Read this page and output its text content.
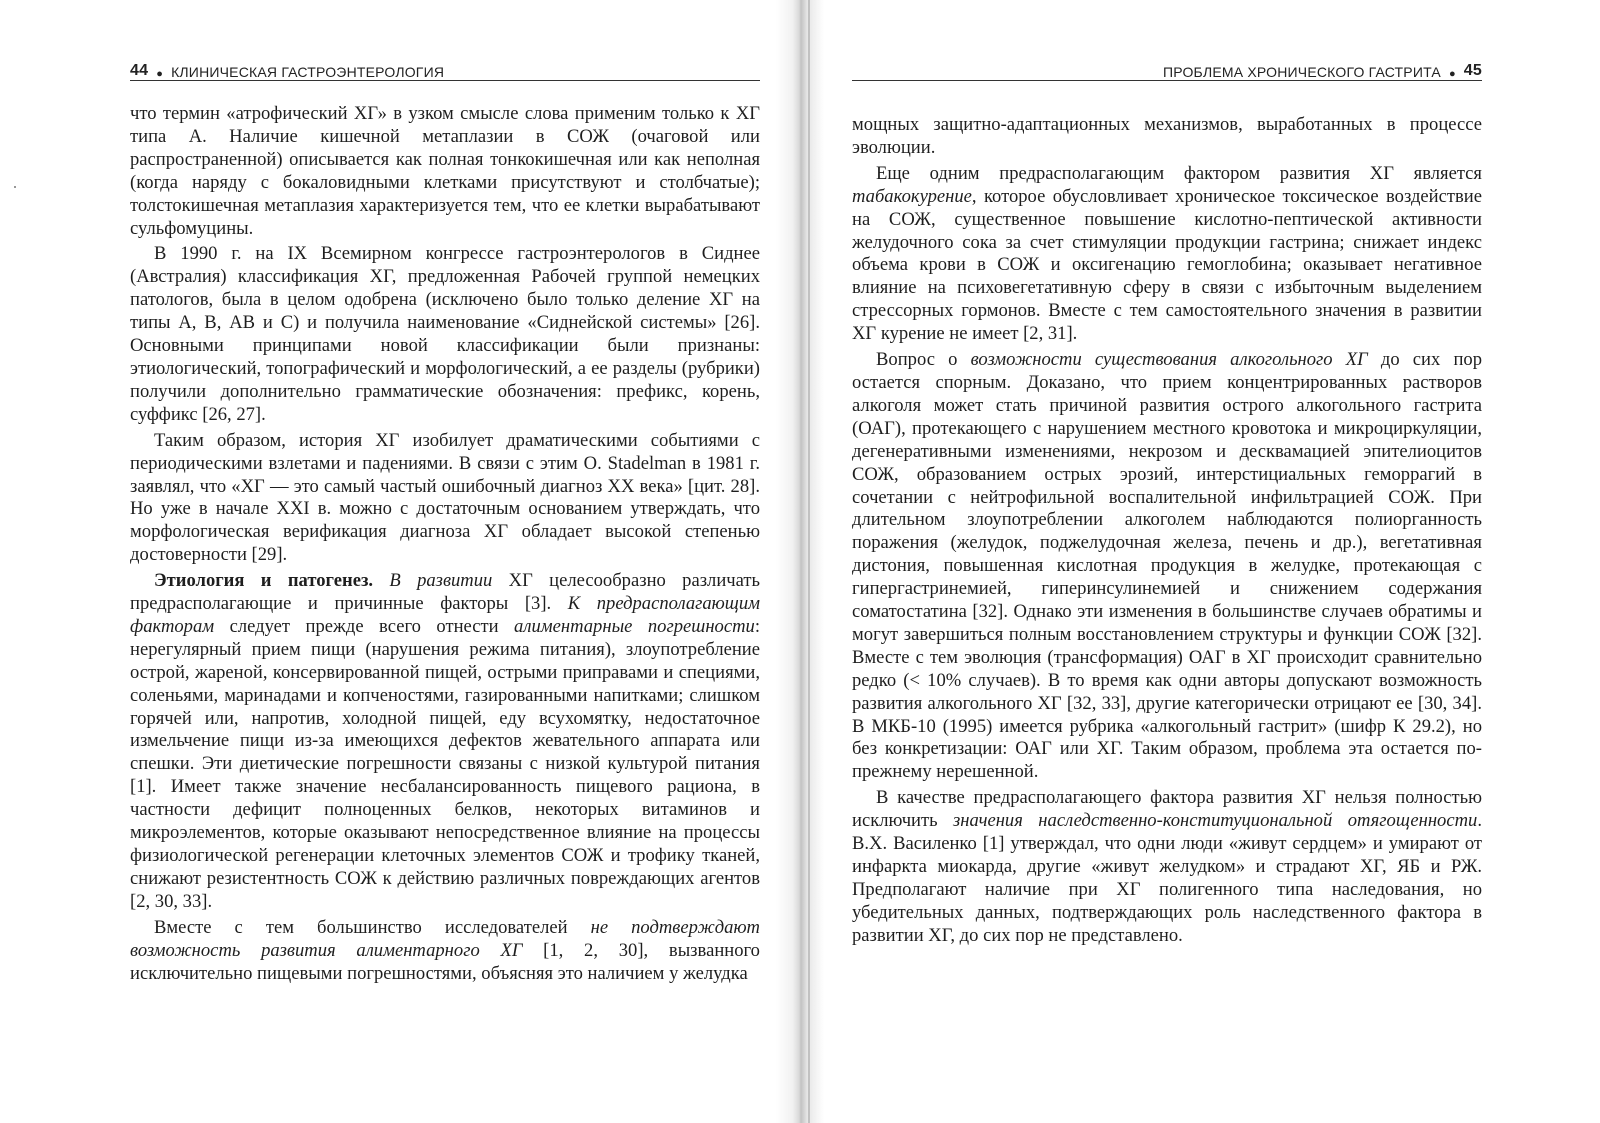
44 ● КЛИНИЧЕСКАЯ ГАСТРОЭНТЕРОЛОГИЯ

что термин «атрофический ХГ» в узком смысле слова применим только к ХГ типа А. Наличие кишечной метаплазии в СОЖ (очаговой или распространенной) описывается как полная тонкокишечная или как неполная (когда наряду с бокаловидными клетками присутствуют и столбчатые); толстокишечная метаплазия характеризуется тем, что ее клетки вырабатывают сульфомуцины.

В 1990 г. на IX Всемирном конгрессе гастроэнтерологов в Сиднее (Австралия) классификация ХГ, предложенная Рабочей группой немецких патологов, была в целом одобрена (исключено было только деление ХГ на типы А, В, АВ и С) и получила наименование «Сиднейской системы» [26]. Основными принципами новой классификации были признаны: этиологический, топографический и морфологический, а ее разделы (рубрики) получили дополнительно грамматические обозначения: префикс, корень, суффикс [26, 27].

Таким образом, история ХГ изобилует драматическими событиями с периодическими взлетами и падениями. В связи с этим O. Stadelman в 1981 г. заявлял, что «ХГ — это самый частый ошибочный диагноз XX века» [цит. 28]. Но уже в начале XXI в. можно с достаточным основанием утверждать, что морфологическая верификация диагноза ХГ обладает высокой степенью достоверности [29].

Этиология и патогенез. В развитии ХГ целесообразно различать предрасполагающие и причинные факторы [3]. К предрасполагающим факторам следует прежде всего отнести алиментарные погрешности: нерегулярный прием пищи (нарушения режима питания), злоупотребление острой, жареной, консервированной пищей, острыми приправами и специями, соленьями, маринадами и копченостями, газированными напитками; слишком горячей или, напротив, холодной пищей, еду всухомятку, недостаточное измельчение пищи из-за имеющихся дефектов жевательного аппарата или спешки. Эти диетические погрешности связаны с низкой культурой питания [1]. Имеет также значение несбалансированность пищевого рациона, в частности дефицит полноценных белков, некоторых витаминов и микроэлементов, которые оказывают непосредственное влияние на процессы физиологической регенерации клеточных элементов СОЖ и трофику тканей, снижают резистентность СОЖ к действию различных повреждающих агентов [2, 30, 33].

Вместе с тем большинство исследователей не подтверждают возможность развития алиментарного ХГ [1, 2, 30], вызванного исключительно пищевыми погрешностями, объясняя это наличием у желудка

ПРОБЛЕМА ХРОНИЧЕСКОГО ГАСТРИТА ● 45

мощных защитно-адаптационных механизмов, выработанных в процессе эволюции.

Еще одним предрасполагающим фактором развития ХГ является табакокурение, которое обусловливает хроническое токсическое воздействие на СОЖ, существенное повышение кислотно-пептической активности желудочного сока за счет стимуляции продукции гастрина; снижает индекс объема крови в СОЖ и оксигенацию гемоглобина; оказывает негативное влияние на психовегетативную сферу в связи с избыточным выделением стрессорных гормонов. Вместе с тем самостоятельного значения в развитии ХГ курение не имеет [2, 31].

Вопрос о возможности существования алкогольного ХГ до сих пор остается спорным. Доказано, что прием концентрированных растворов алкоголя может стать причиной развития острого алкогольного гастрита (ОАГ), протекающего с нарушением местного кровотока и микроциркуляции, дегенеративными изменениями, некрозом и десквамацией эпителиоцитов СОЖ, образованием острых эрозий, интерстициальных геморрагий в сочетании с нейтрофильной воспалительной инфильтрацией СОЖ. При длительном злоупотреблении алкоголем наблюдаются полиорганность поражения (желудок, поджелудочная железа, печень и др.), вегетативная дистония, повышенная кислотная продукция в желудке, протекающая с гипергастринемией, гиперинсулинемией и снижением содержания соматостатина [32]. Однако эти изменения в большинстве случаев обратимы и могут завершиться полным восстановлением структуры и функции СОЖ [32]. Вместе с тем эволюция (трансформация) ОАГ в ХГ происходит сравнительно редко (< 10% случаев). В то время как одни авторы допускают возможность развития алкогольного ХГ [32, 33], другие категорически отрицают ее [30, 34]. В МКБ-10 (1995) имеется рубрика «алкогольный гастрит» (шифр К 29.2), но без конкретизации: ОАГ или ХГ. Таким образом, проблема эта остается по-прежнему нерешенной.

В качестве предрасполагающего фактора развития ХГ нельзя полностью исключить значения наследственно-конституциональной отягощенности. В.Х. Василенко [1] утверждал, что одни люди «живут сердцем» и умирают от инфаркта миокарда, другие «живут желудком» и страдают ХГ, ЯБ и РЖ. Предполагают наличие при ХГ полигенного типа наследования, но убедительных данных, подтверждающих роль наследственного фактора в развитии ХГ, до сих пор не представлено.
